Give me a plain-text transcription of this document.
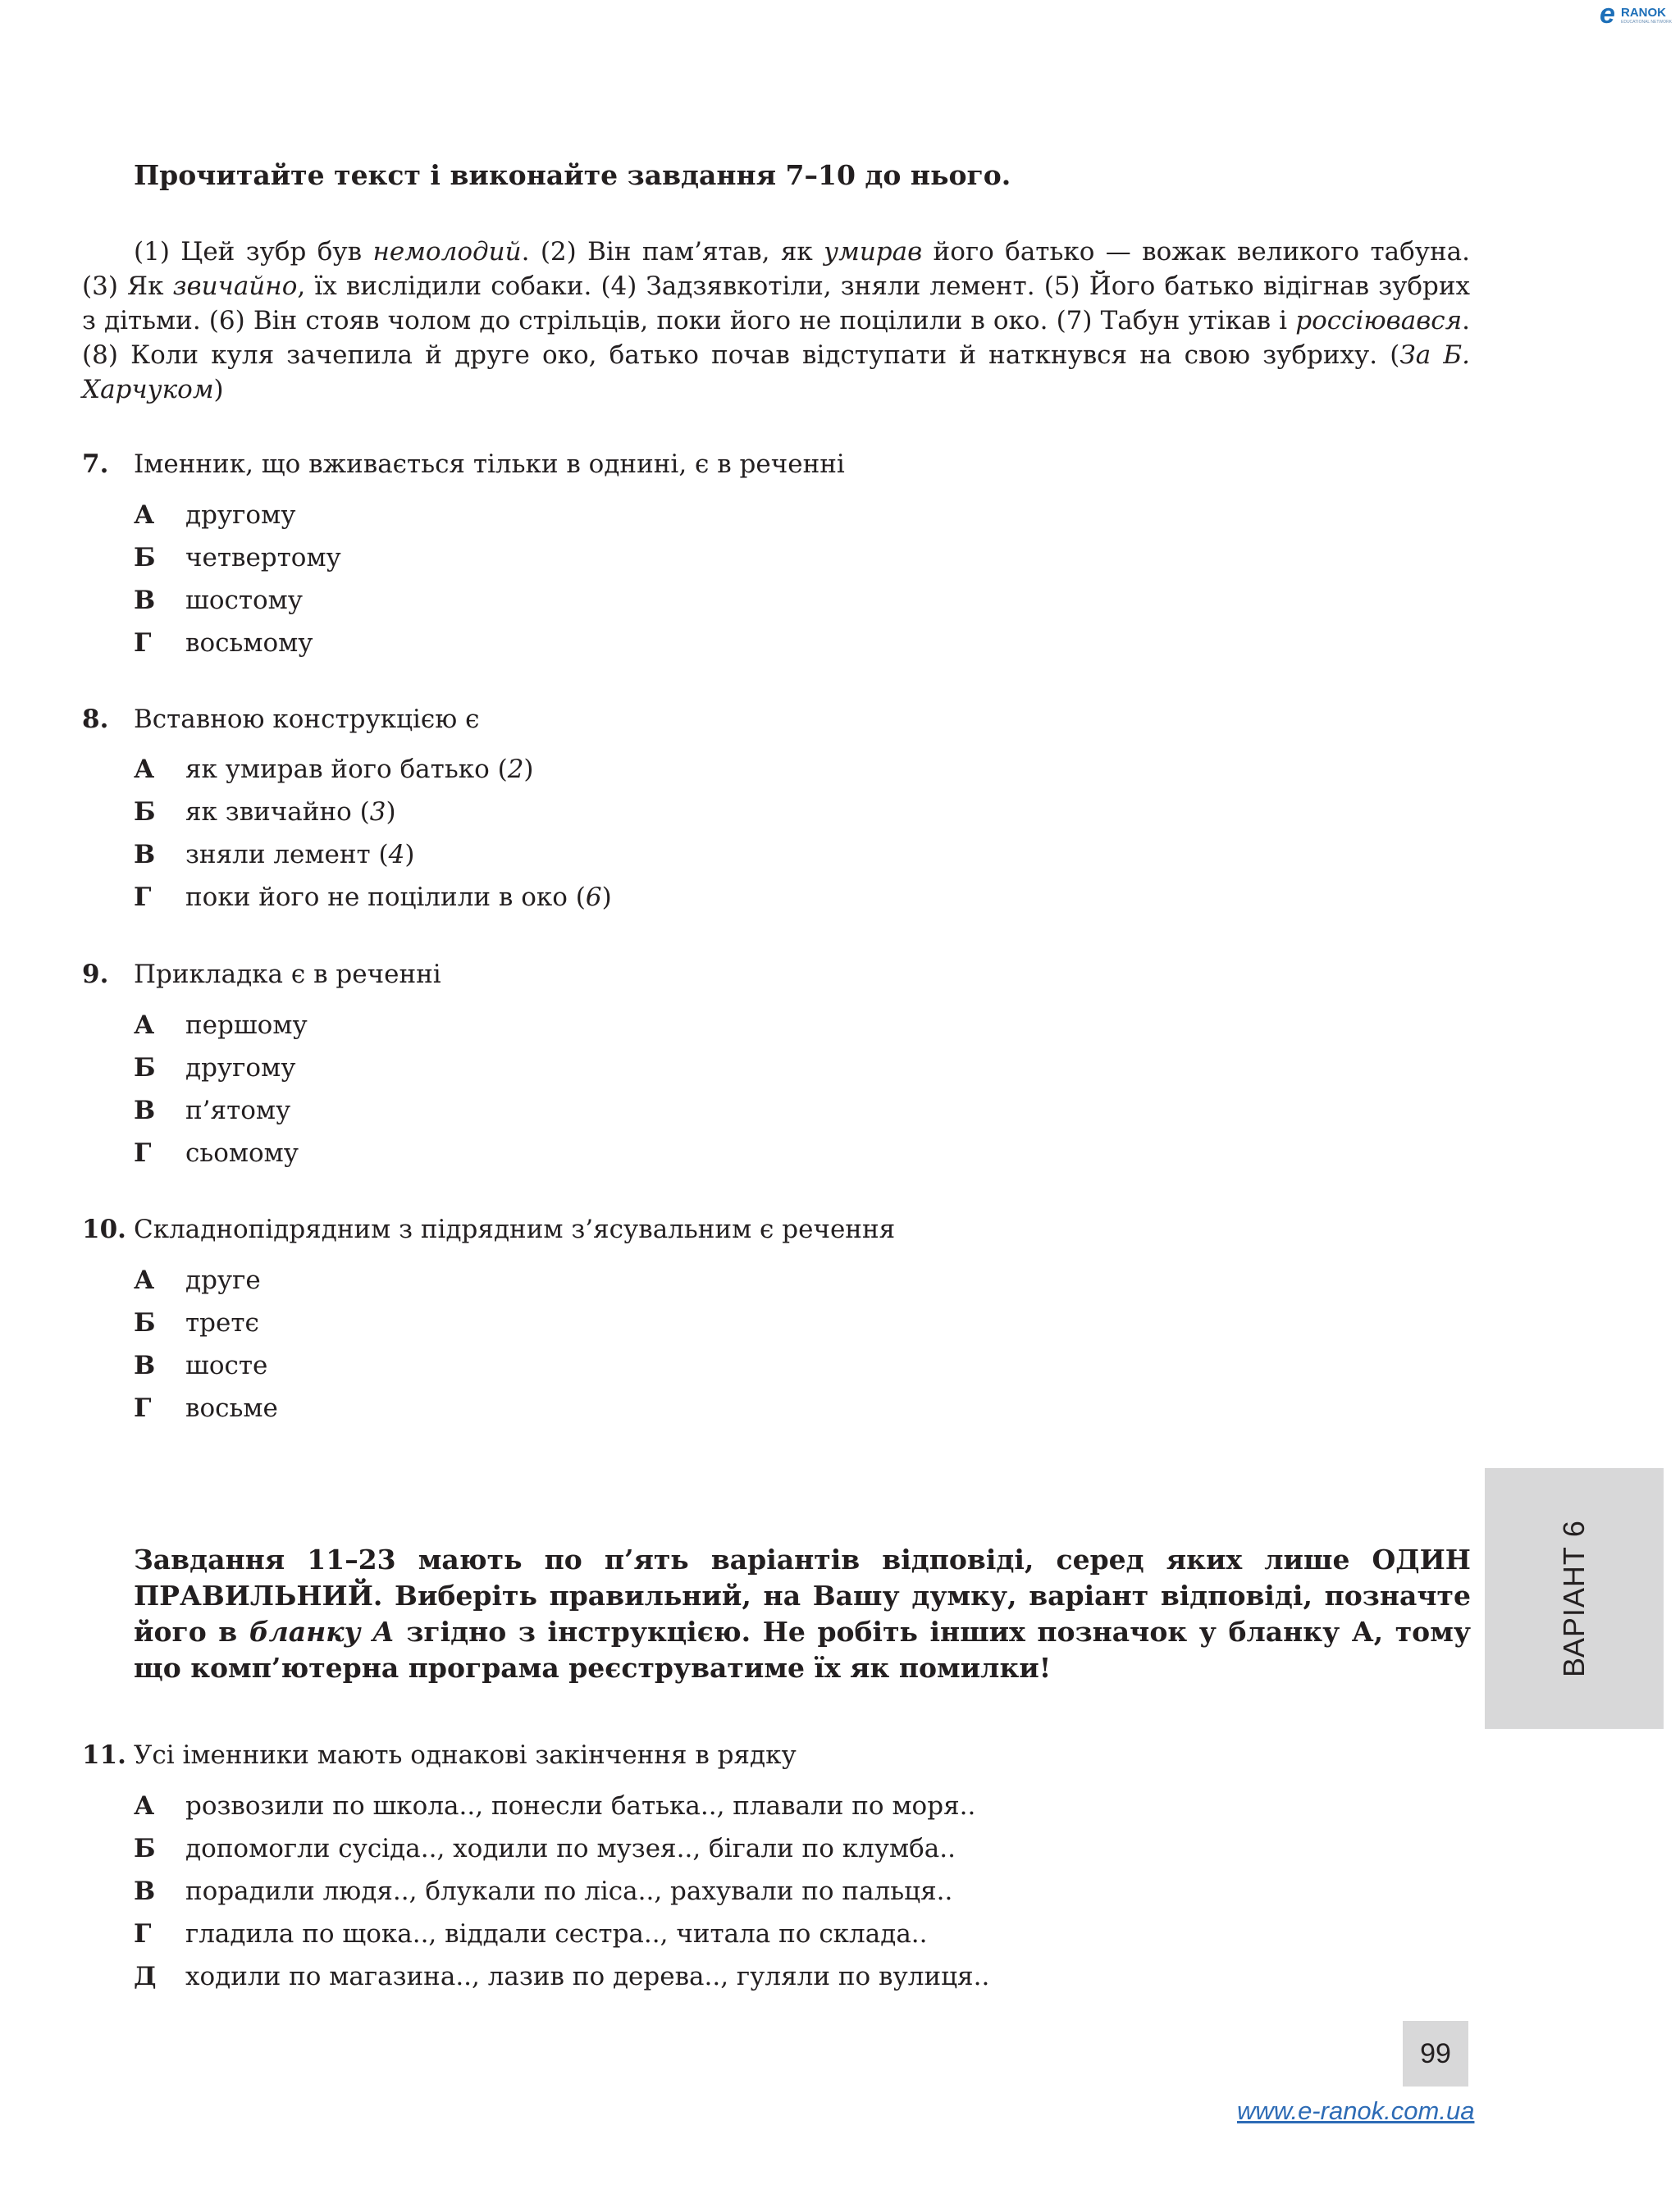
e RANOK
EDUCATIONAL NETWORK
Прочитайте текст і виконайте завдання 7–10 до нього.
(1) Цей зубр був немолодий. (2) Він пам’ятав, як умирав його батько — вожак великого табуна. (3) Як звичайно, їх вислідили собаки. (4) Задзявкотіли, зняли лемент. (5) Його батько відігнав зубрих з дітьми. (6) Він стояв чолом до стрільців, поки його не поцілили в око. (7) Табун утікав і россіювався. (8) Коли куля зачепила й друге око, батько почав відступати й наткнувся на свою зубриху. (За Б. Харчуком)
7. Іменник, що вживається тільки в однині, є в реченні
А другому
Б четвертому
В шостому
Г восьмому
8. Вставною конструкцією є
А як умирав його батько (2)
Б як звичайно (3)
В зняли лемент (4)
Г поки його не поцілили в око (6)
9. Прикладка є в реченні
А першому
Б другому
В п’ятому
Г сьомому
10. Складнопідрядним з підрядним з’ясувальним є речення
А друге
Б третє
В шосте
Г восьме
Завдання 11–23 мають по п’ять варіантів відповіді, серед яких лише ОДИН ПРАВИЛЬНИЙ. Виберіть правильний, на Вашу думку, варіант відповіді, позначте його в бланку А згідно з інструкцією. Не робіть інших позначок у бланку А, тому що комп’ютерна програма реєструватиме їх як помилки!	ВАРІАНТ 6
11. Усі іменники мають однакові закінчення в рядку
А розвозили по школа.., понесли батька.., плавали по моря..
Б допомогли сусіда.., ходили по музея.., бігали по клумба..
В порадили людя.., блукали по ліса.., рахували по пальця..
Г гладила по щока.., віддали сестра.., читала по склада..
Д ходили по магазина.., лазив по дерева.., гуляли по вулиця..
99
www.e-ranok.com.ua
